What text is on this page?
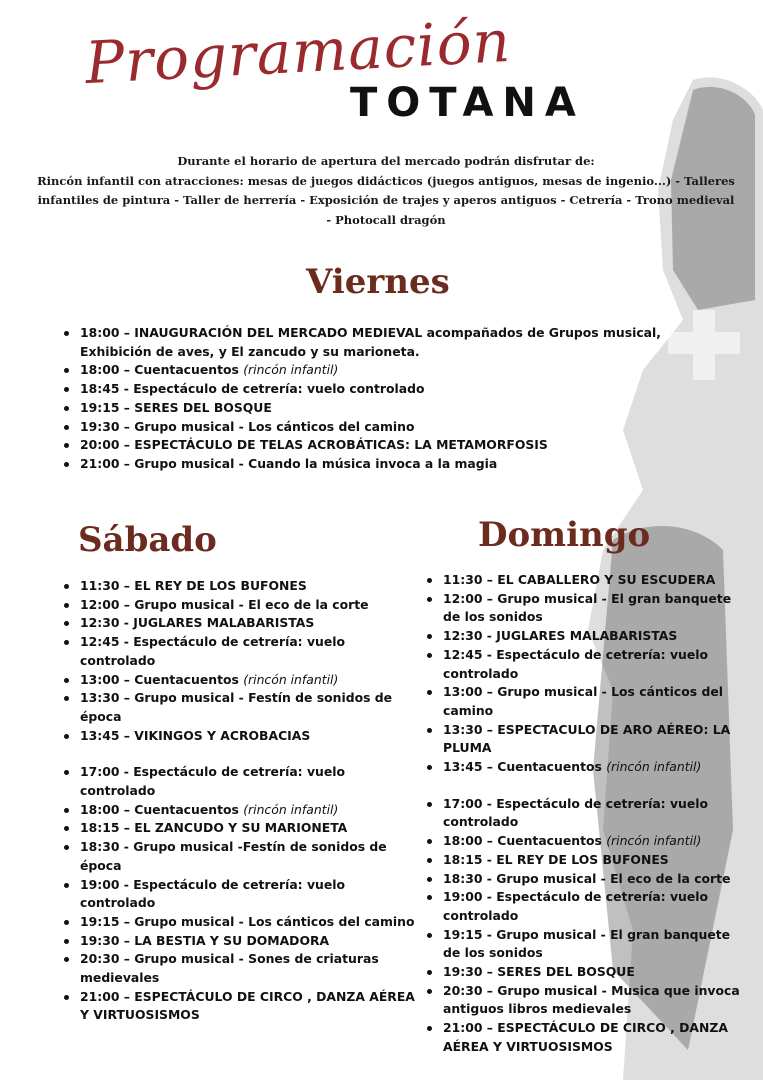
Programación
TOTANA
Durante el horario de apertura del mercado podrán disfrutar de:
Rincón infantil con atracciones: mesas de juegos didácticos (juegos antiguos, mesas de ingenio...) - Talleres infantiles de pintura - Taller de herrería - Exposición de trajes y aperos antiguos - Cetrería - Trono medieval - Photocall dragón
Viernes
18:00 – INAUGURACIÓN DEL MERCADO MEDIEVAL acompañados de Grupos musical, Exhibición de aves, y El zancudo y su marioneta.
18:00 – Cuentacuentos (rincón infantil)
18:45 - Espectáculo de cetrería: vuelo controlado
19:15 – SERES DEL BOSQUE
19:30 – Grupo musical - Los cánticos del camino
20:00 – ESPECTÁCULO DE TELAS ACROBÁTICAS: LA METAMORFOSIS
21:00 – Grupo musical - Cuando la música invoca a la magia
Sábado
11:30 – EL REY DE LOS BUFONES
12:00 – Grupo musical - El eco de la corte
12:30 - JUGLARES MALABARISTAS
12:45 - Espectáculo de cetrería: vuelo controlado
13:00 – Cuentacuentos (rincón infantil)
13:30 – Grupo musical - Festín de sonidos de época
13:45 – VIKINGOS Y ACROBACIAS
17:00 - Espectáculo de cetrería: vuelo controlado
18:00 – Cuentacuentos (rincón infantil)
18:15 – EL ZANCUDO Y SU MARIONETA
18:30 - Grupo musical -Festín de sonidos de época
19:00 - Espectáculo de cetrería: vuelo controlado
19:15 – Grupo musical - Los cánticos del camino
19:30 – LA BESTIA Y SU DOMADORA
20:30 – Grupo musical - Sones de criaturas medievales
21:00 – ESPECTÁCULO DE CIRCO , DANZA AÉREA Y VIRTUOSISMOS
Domingo
11:30 – EL CABALLERO Y SU ESCUDERA
12:00 – Grupo musical - El gran banquete de los sonidos
12:30 - JUGLARES MALABARISTAS
12:45 - Espectáculo de cetrería: vuelo controlado
13:00 – Grupo musical - Los cánticos del camino
13:30 – ESPECTACULO DE ARO AÉREO: LA PLUMA
13:45 – Cuentacuentos (rincón infantil)
17:00 - Espectáculo de cetrería: vuelo controlado
18:00 – Cuentacuentos (rincón infantil)
18:15 - EL REY DE LOS BUFONES
18:30 - Grupo musical - El eco de la corte
19:00 - Espectáculo de cetrería: vuelo controlado
19:15 - Grupo musical - El gran banquete de los sonidos
19:30 – SERES DEL BOSQUE
20:30 – Grupo musical - Musica que invoca antiguos libros medievales
21:00 – ESPECTÁCULO DE CIRCO , DANZA AÉREA Y VIRTUOSISMOS
